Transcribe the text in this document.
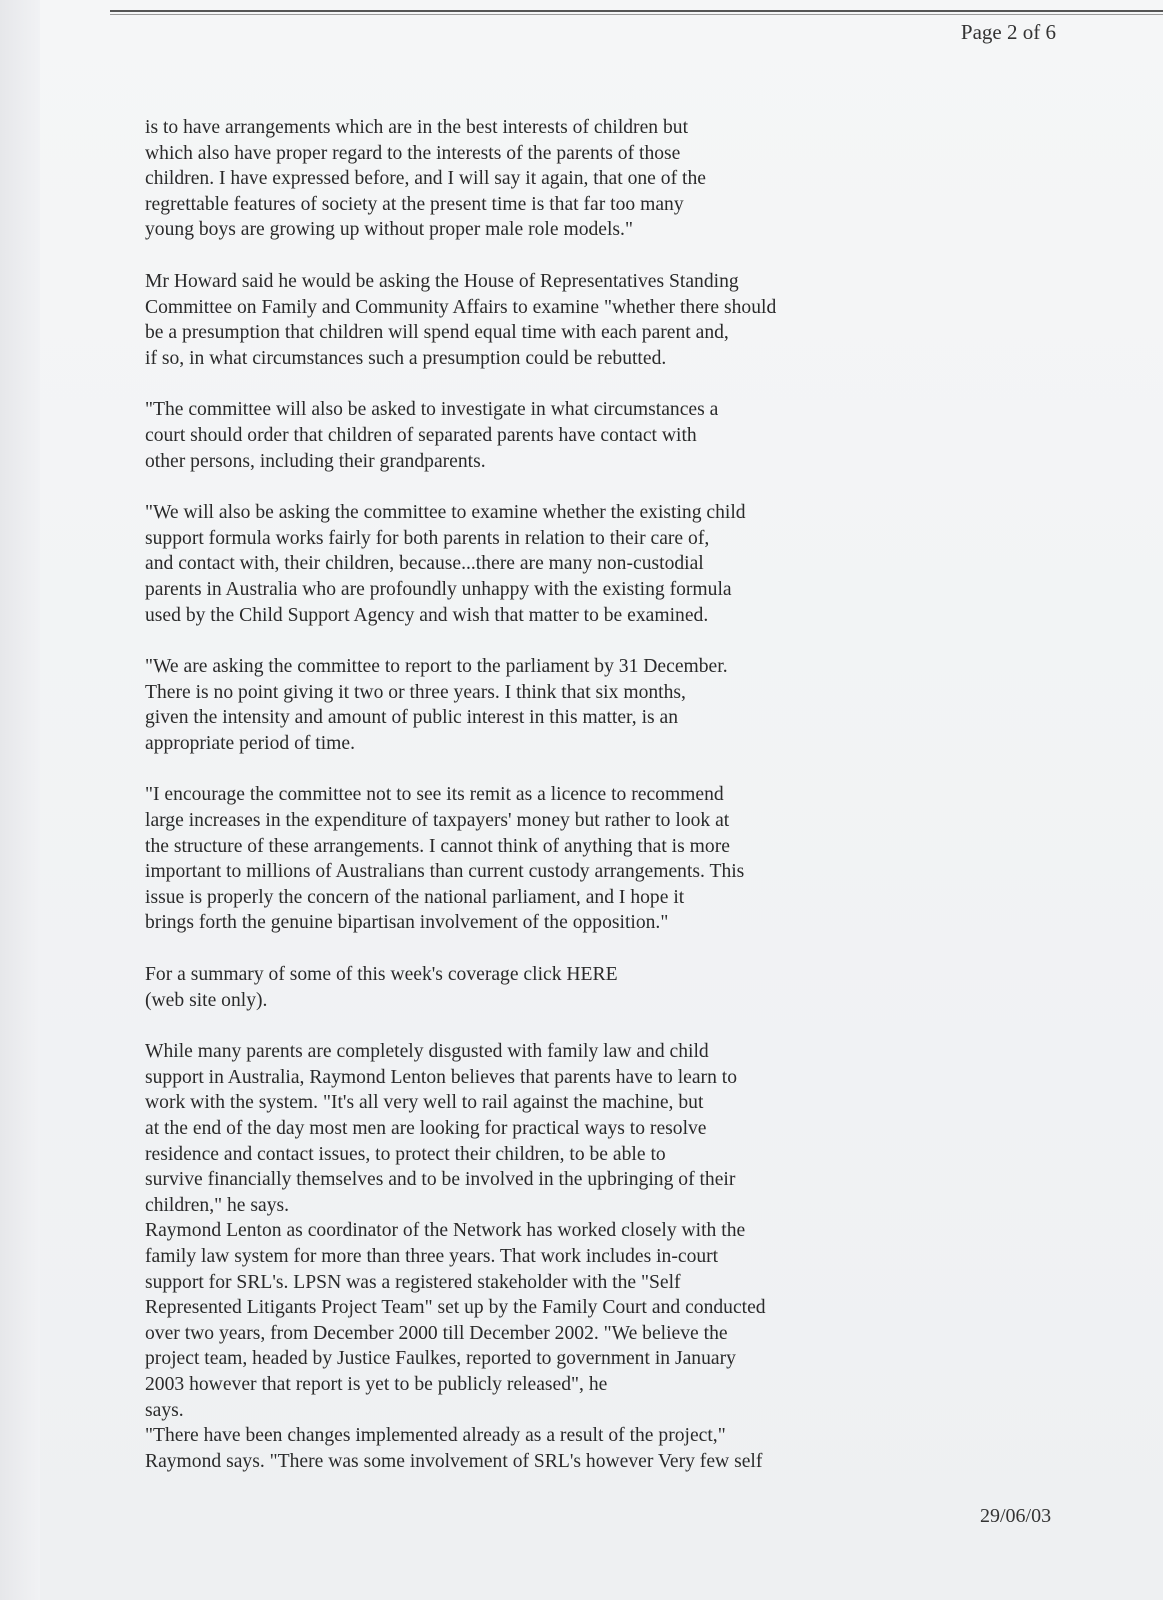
Page 2 of 6
is to have arrangements which are in the best interests of children but
which also have proper regard to the interests of the parents of those
children. I have expressed before, and I will say it again, that one of the
regrettable features of society at the present time is that far too many
young boys are growing up without proper male role models."
Mr Howard said he would be asking the House of Representatives Standing
Committee on Family and Community Affairs to examine "whether there should
be a presumption that children will spend equal time with each parent and,
if so, in what circumstances such a presumption could be rebutted.
"The committee will also be asked to investigate in what circumstances a
court should order that children of separated parents have contact with
other persons, including their grandparents.
"We will also be asking the committee to examine whether the existing child
support formula works fairly for both parents in relation to their care of,
and contact with, their children, because...there are many non-custodial
parents in Australia who are profoundly unhappy with the existing formula
used by the Child Support Agency and wish that matter to be examined.
"We are asking the committee to report to the parliament by 31 December.
There is no point giving it two or three years. I think that six months,
given the intensity and amount of public interest in this matter, is an
appropriate period of time.
"I encourage the committee not to see its remit as a licence to recommend
large increases in the expenditure of taxpayers' money but rather to look at
the structure of these arrangements. I cannot think of anything that is more
important to millions of Australians than current custody arrangements. This
issue is properly the concern of the national parliament, and I hope it
brings forth the genuine bipartisan involvement of the opposition."
For a summary of some of this week's coverage click HERE
(web site only).
While many parents are completely disgusted with family law and child
support in Australia, Raymond Lenton believes that parents have to learn to
work with the system. "It's all very well to rail against the machine, but
at the end of the day most men are looking for practical ways to resolve
residence and contact issues, to protect their children, to be able to
survive financially themselves and to be involved in the upbringing of their
children," he says.
Raymond Lenton as coordinator of the Network has worked closely with the
family law system for more than three years. That work includes in-court
support for SRL's. LPSN was a registered stakeholder with the "Self
Represented Litigants Project Team" set up by the Family Court and conducted
over two years, from December 2000 till December 2002. "We believe the
project team, headed by Justice Faulkes, reported to government in January
2003 however that report is yet to be publicly released", he
says.
"There have been changes implemented already as a result of the project,"
Raymond says. "There was some involvement of SRL's however Very few self
29/06/03
